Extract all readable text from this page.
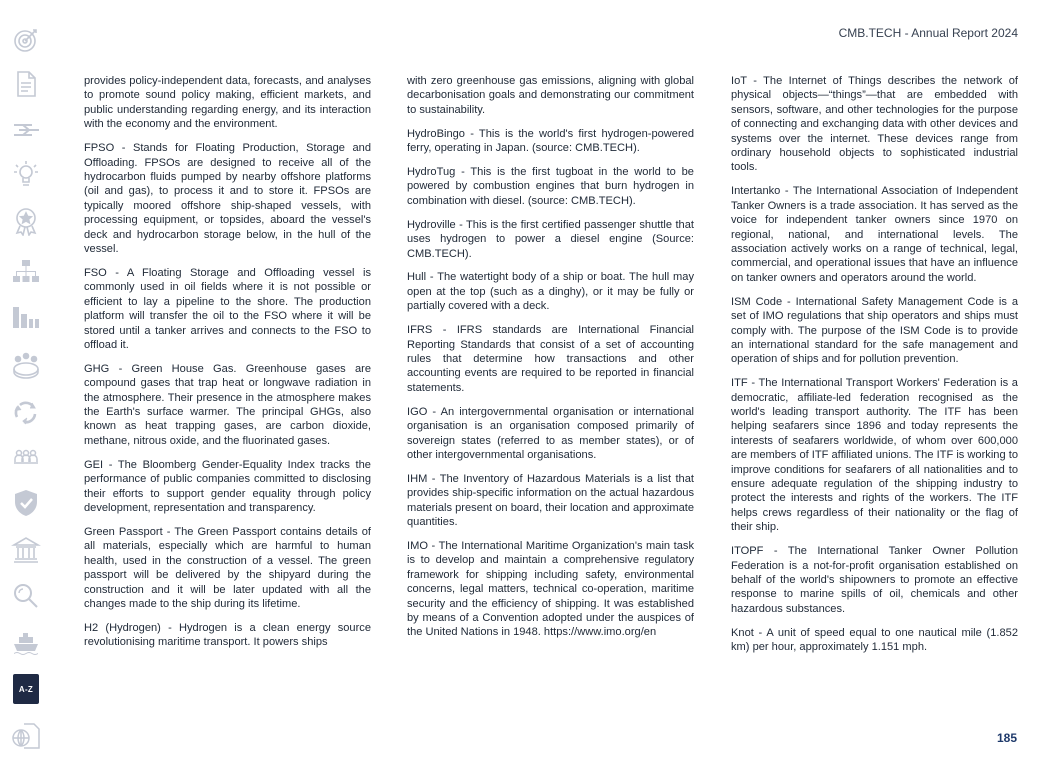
A-Z
CMB.TECH - Annual Report 2024

provides policy-independent data, forecasts, and analyses to promote sound policy making, efficient markets, and public understanding regarding energy, and its interaction with the economy and the environment.

FPSO - Stands for Floating Production, Storage and Offloading. FPSOs are designed to receive all of the hydrocarbon fluids pumped by nearby offshore platforms (oil and gas), to process it and to store it. FPSOs are typically moored offshore ship-shaped vessels, with processing equipment, or topsides, aboard the vessel's deck and hydrocarbon storage below, in the hull of the vessel.

FSO - A Floating Storage and Offloading vessel is commonly used in oil fields where it is not possible or efficient to lay a pipeline to the shore. The production platform will transfer the oil to the FSO where it will be stored until a tanker arrives and connects to the FSO to offload it.

GHG - Green House Gas. Greenhouse gases are compound gases that trap heat or longwave radiation in the atmosphere. Their presence in the atmosphere makes the Earth's surface warmer. The principal GHGs, also known as heat trapping gases, are carbon dioxide, methane, nitrous oxide, and the fluorinated gases.

GEI - The Bloomberg Gender-Equality Index tracks the performance of public companies committed to disclosing their efforts to support gender equality through policy development, representation and transparency.

Green Passport - The Green Passport contains details of all materials, especially which are harmful to human health, used in the construction of a vessel. The green passport will be delivered by the shipyard during the construction and it will be later updated with all the changes made to the ship during its lifetime.

H2 (Hydrogen) - Hydrogen is a clean energy source revolutionising maritime transport. It powers ships

with zero greenhouse gas emissions, aligning with global decarbonisation goals and demonstrating our commitment to sustainability.

HydroBingo - This is the world's first hydrogen-powered ferry, operating in Japan. (source: CMB.TECH).

HydroTug - This is the first tugboat in the world to be powered by combustion engines that burn hydrogen in combination with diesel. (source: CMB.TECH).

Hydroville - This is the first certified passenger shuttle that uses hydrogen to power a diesel engine (Source: CMB.TECH).

Hull - The watertight body of a ship or boat. The hull may open at the top (such as a dinghy), or it may be fully or partially covered with a deck.

IFRS - IFRS standards are International Financial Reporting Standards that consist of a set of accounting rules that determine how transactions and other accounting events are required to be reported in financial statements.

IGO - An intergovernmental organisation or international organisation is an organisation composed primarily of sovereign states (referred to as member states), or of other intergovernmental organisations.

IHM - The Inventory of Hazardous Materials is a list that provides ship-specific information on the actual hazardous materials present on board, their location and approximate quantities.

IMO - The International Maritime Organization's main task is to develop and maintain a comprehensive regulatory framework for shipping including safety, environmental concerns, legal matters, technical co-operation, maritime security and the efficiency of shipping. It was established by means of a Convention adopted under the auspices of the United Nations in 1948. https://www.imo.org/en

IoT - The Internet of Things describes the network of physical objects—“things”—that are embedded with sensors, software, and other technologies for the purpose of connecting and exchanging data with other devices and systems over the internet. These devices range from ordinary household objects to sophisticated industrial tools.

Intertanko - The International Association of Independent Tanker Owners is a trade association. It has served as the voice for independent tanker owners since 1970 on regional, national, and international levels. The association actively works on a range of technical, legal, commercial, and operational issues that have an influence on tanker owners and operators around the world.

ISM Code - International Safety Management Code is a set of IMO regulations that ship operators and ships must comply with. The purpose of the ISM Code is to provide an international standard for the safe management and operation of ships and for pollution prevention.

ITF - The International Transport Workers' Federation is a democratic, affiliate-led federation recognised as the world's leading transport authority. The ITF has been helping seafarers since 1896 and today represents the interests of seafarers worldwide, of whom over 600,000 are members of ITF affiliated unions. The ITF is working to improve conditions for seafarers of all nationalities and to ensure adequate regulation of the shipping industry to protect the interests and rights of the workers. The ITF helps crews regardless of their nationality or the flag of their ship.

ITOPF - The International Tanker Owner Pollution Federation is a not-for-profit organisation established on behalf of the world's shipowners to promote an effective response to marine spills of oil, chemicals and other hazardous substances.

Knot - A unit of speed equal to one nautical mile (1.852 km) per hour, approximately 1.151 mph.

185
